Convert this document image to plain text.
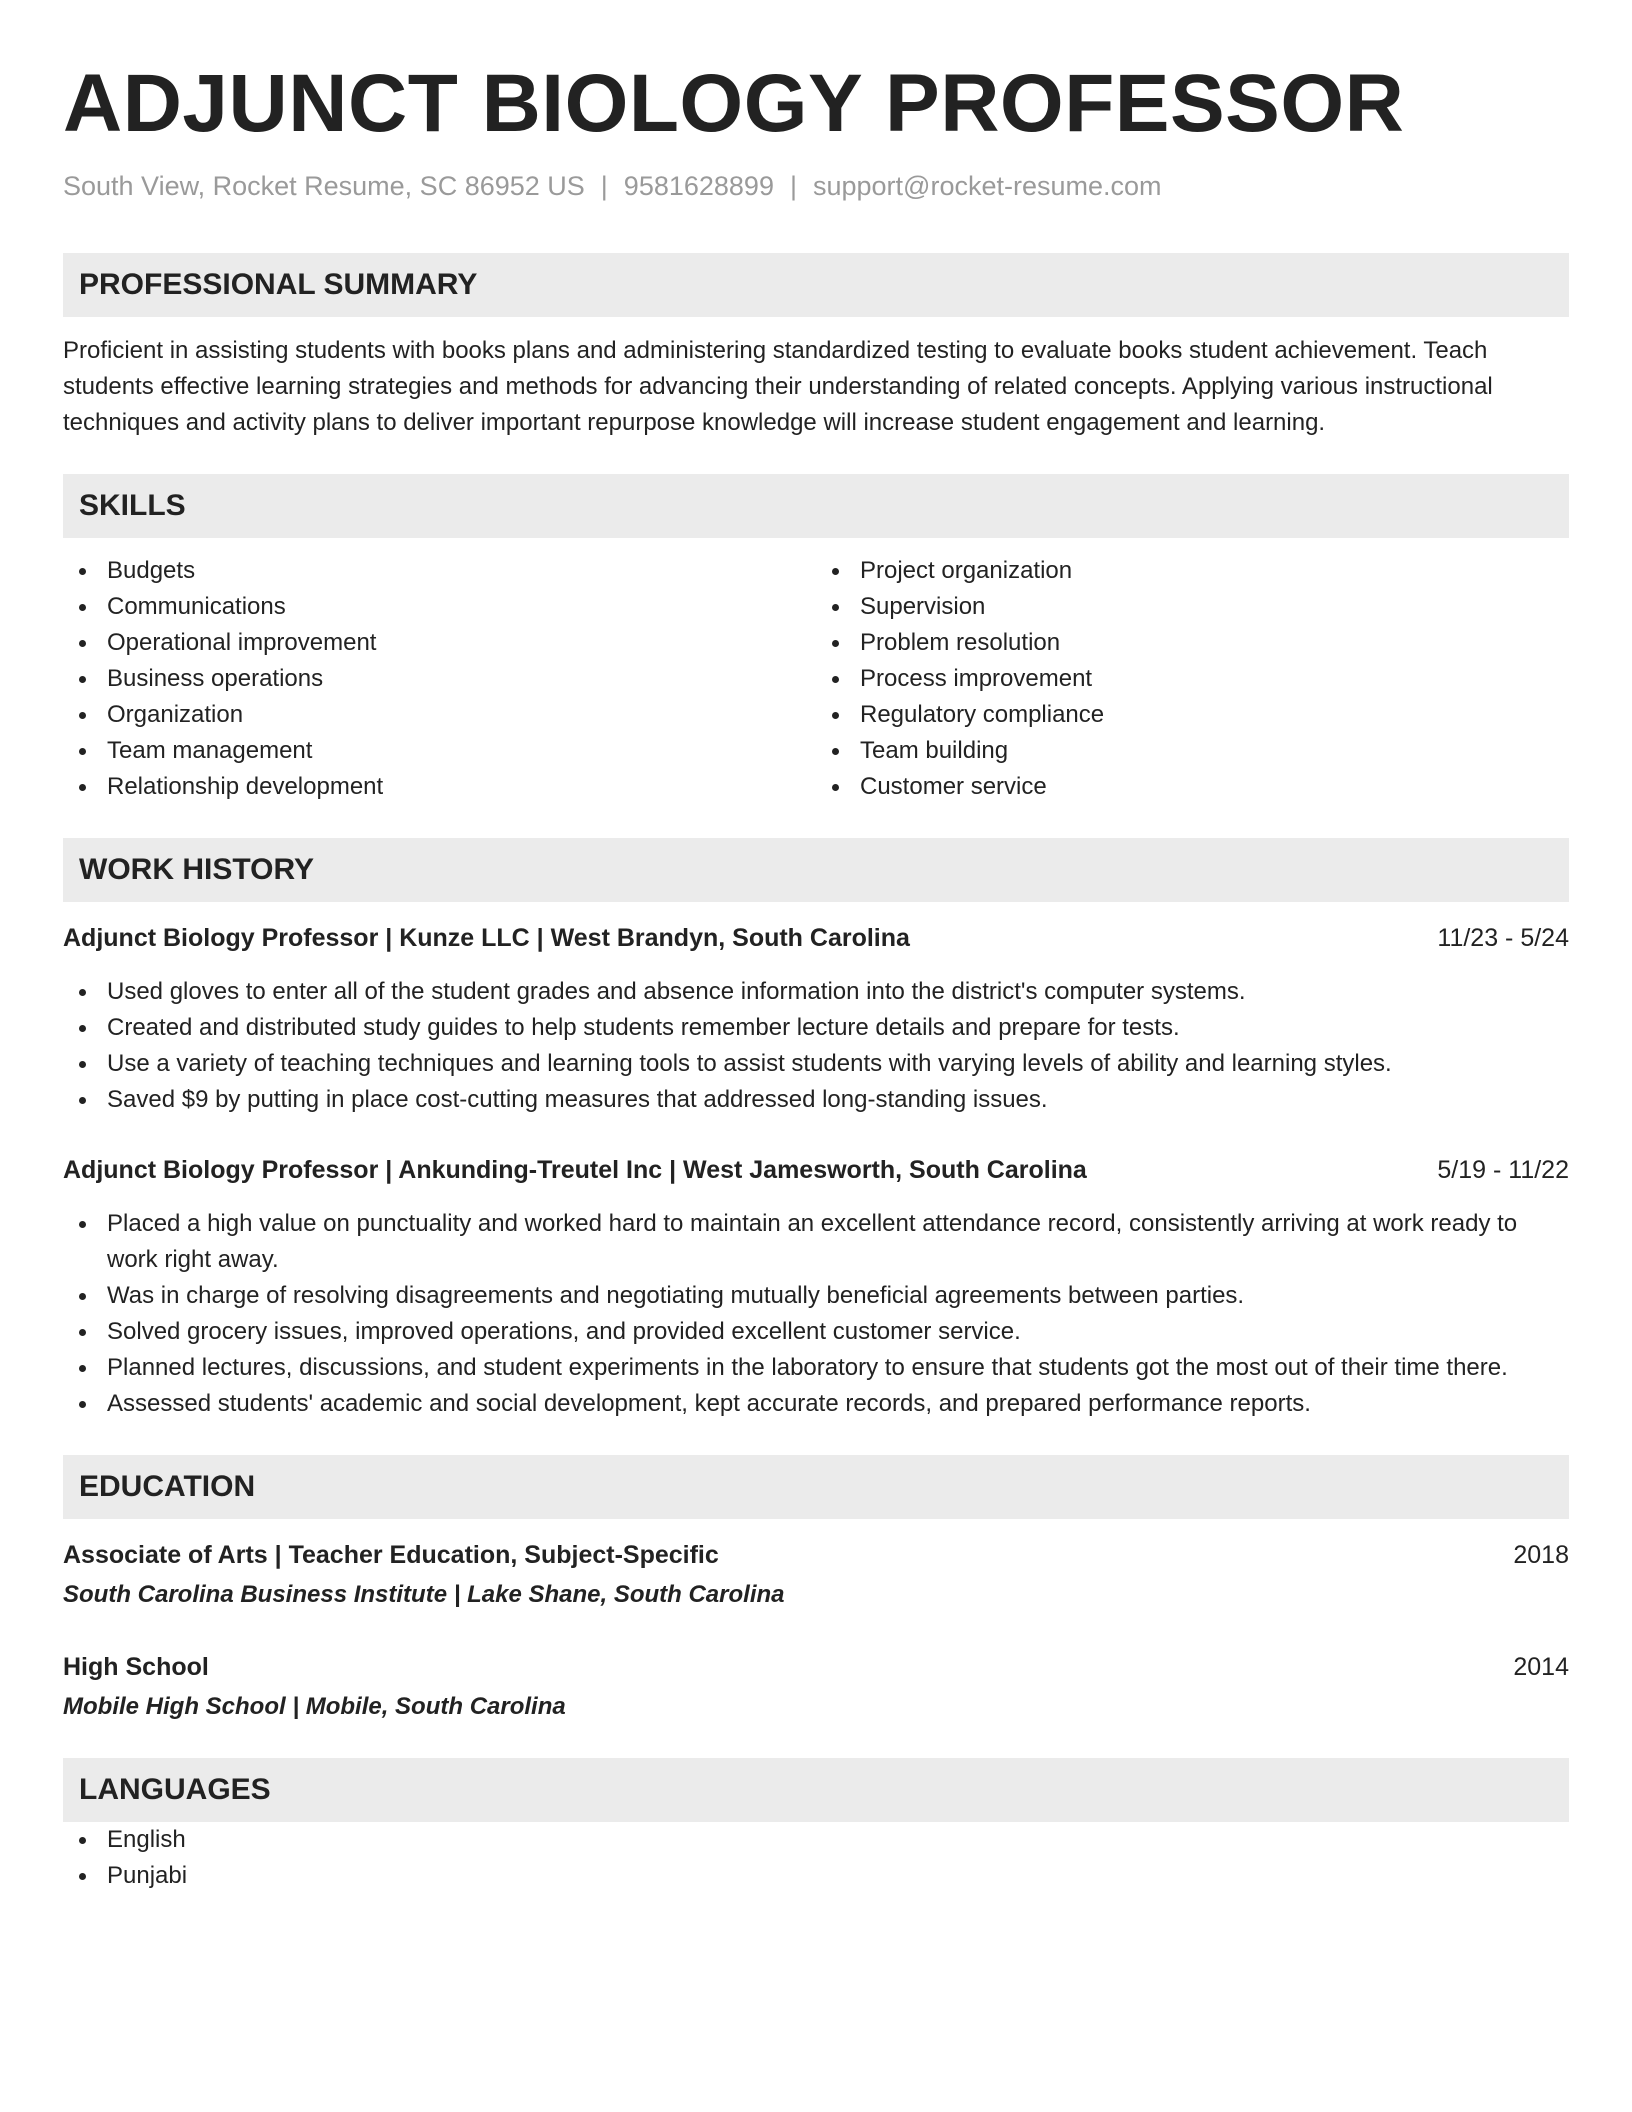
ADJUNCT BIOLOGY PROFESSOR
South View, Rocket Resume, SC 86952 US | 9581628899 | support@rocket-resume.com
PROFESSIONAL SUMMARY
Proficient in assisting students with books plans and administering standardized testing to evaluate books student achievement. Teach students effective learning strategies and methods for advancing their understanding of related concepts. Applying various instructional techniques and activity plans to deliver important repurpose knowledge will increase student engagement and learning.
SKILLS
Budgets
Communications
Operational improvement
Business operations
Organization
Team management
Relationship development
Project organization
Supervision
Problem resolution
Process improvement
Regulatory compliance
Team building
Customer service
WORK HISTORY
Adjunct Biology Professor | Kunze LLC | West Brandyn, South Carolina	11/23 - 5/24
Used gloves to enter all of the student grades and absence information into the district's computer systems.
Created and distributed study guides to help students remember lecture details and prepare for tests.
Use a variety of teaching techniques and learning tools to assist students with varying levels of ability and learning styles.
Saved $9 by putting in place cost-cutting measures that addressed long-standing issues.
Adjunct Biology Professor | Ankunding-Treutel Inc | West Jamesworth, South Carolina	5/19 - 11/22
Placed a high value on punctuality and worked hard to maintain an excellent attendance record, consistently arriving at work ready to work right away.
Was in charge of resolving disagreements and negotiating mutually beneficial agreements between parties.
Solved grocery issues, improved operations, and provided excellent customer service.
Planned lectures, discussions, and student experiments in the laboratory to ensure that students got the most out of their time there.
Assessed students' academic and social development, kept accurate records, and prepared performance reports.
EDUCATION
Associate of Arts | Teacher Education, Subject-Specific	2018
South Carolina Business Institute | Lake Shane, South Carolina
High School	2014
Mobile High School | Mobile, South Carolina
LANGUAGES
English
Punjabi
